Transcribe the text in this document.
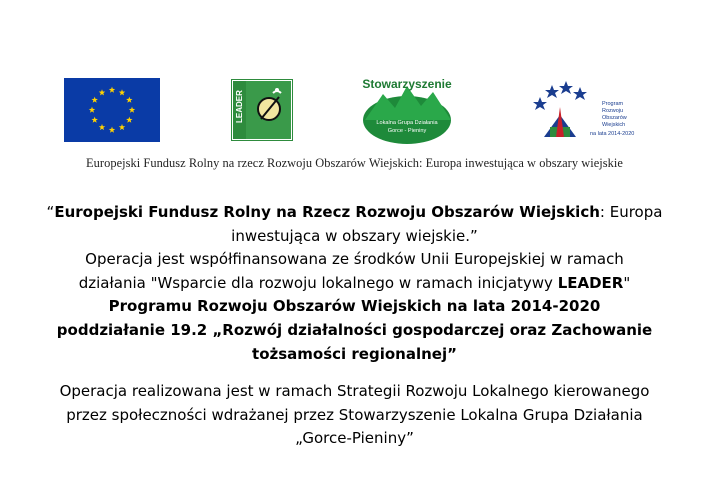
LEADER
Stowarzyszenie
Lokalna Grupa Działania
Gorce - Pieniny
Program
Rozwoju
Obszarów
Wiejskich
na lata 2014-2020
Europejski Fundusz Rolny na rzecz Rozwoju Obszarów Wiejskich: Europa inwestująca w obszary wiejskie

“Europejski Fundusz Rolny na Rzecz Rozwoju Obszarów Wiejskich: Europa inwestująca w obszary wiejskie.”

Operacja jest współfinansowana ze środków Unii Europejskiej w ramach

działania "Wsparcie dla rozwoju lokalnego w ramach inicjatywy LEADER"

Programu Rozwoju Obszarów Wiejskich na lata 2014-2020

poddziałanie 19.2 „Rozwój działalności gospodarczej oraz Zachowanie tożsamości regionalnej”

Operacja realizowana jest w ramach Strategii Rozwoju Lokalnego kierowanego przez społeczności wdrażanej przez Stowarzyszenie Lokalna Grupa Działania „Gorce-Pieniny”
